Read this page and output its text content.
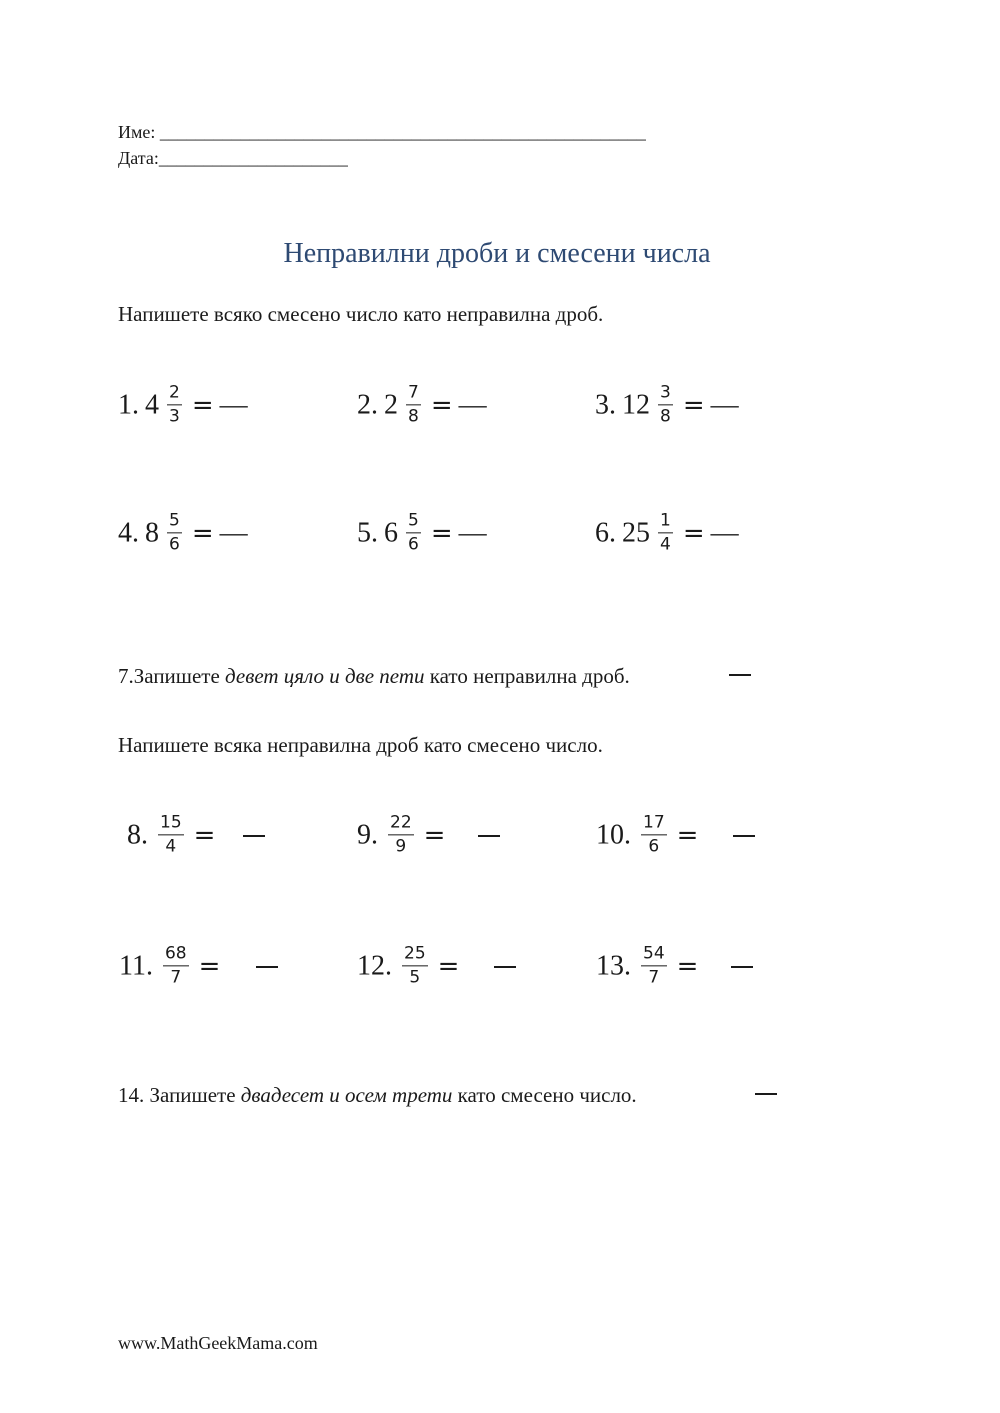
Име: ______________________________________________________
Дата:_____________________
Неправилни дроби и смесени числа
Напишете всяко смесено число като неправилна дроб.
1. $4 \frac{2}{3}$ = —	2. $2 \frac{7}{8}$ = —	3. $12 \frac{3}{8}$ = —
4. $8 \frac{5}{6}$ = —	5. $6 \frac{5}{6}$ = —	6. $25 \frac{1}{4}$ = —
7. Запишете девет цяло и две пети като неправилна дроб.
Напишете всяка неправилна дроб като смесено число.
8. $\frac{15}{4}$ =	9. $\frac{22}{9}$ =	10. $\frac{17}{6}$ =
11. $\frac{68}{7}$ =	12. $\frac{25}{5}$ =	13. $\frac{54}{7}$ =
14. Запишете двадесет и осем трети като смесено число.
www.MathGeekMama.com
